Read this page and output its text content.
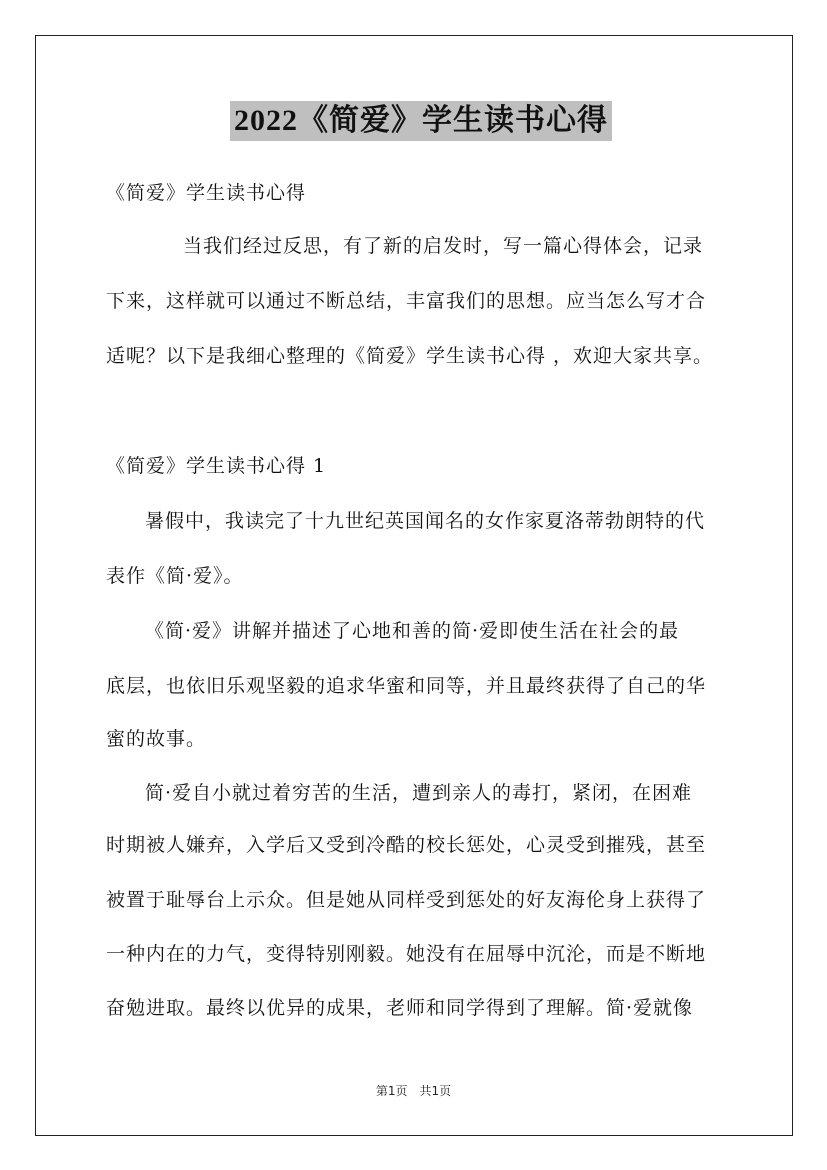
2022《简爱》学生读书心得
《简爱》学生读书心得
当我们经过反思，有了新的启发时，写一篇心得体会，记录
下来，这样就可以通过不断总结，丰富我们的思想。应当怎么写才合
适呢？以下是我细心整理的《简爱》学生读书心得 ，欢迎大家共享。
《简爱》学生读书心得 1
暑假中，我读完了十九世纪英国闻名的女作家夏洛蒂勃朗特的代
表作《简·爱》。
《简·爱》讲解并描述了心地和善的简·爱即使生活在社会的最
底层，也依旧乐观坚毅的追求华蜜和同等，并且最终获得了自己的华
蜜的故事。
简·爱自小就过着穷苦的生活，遭到亲人的毒打，紧闭，在困难
时期被人嫌弃，入学后又受到冷酷的校长惩处，心灵受到摧残，甚至
被置于耻辱台上示众。但是她从同样受到惩处的好友海伦身上获得了
一种内在的力气，变得特别刚毅。她没有在屈辱中沉沦，而是不断地
奋勉进取。最终以优异的成果，老师和同学得到了理解。简·爱就像
第1页　共1页
